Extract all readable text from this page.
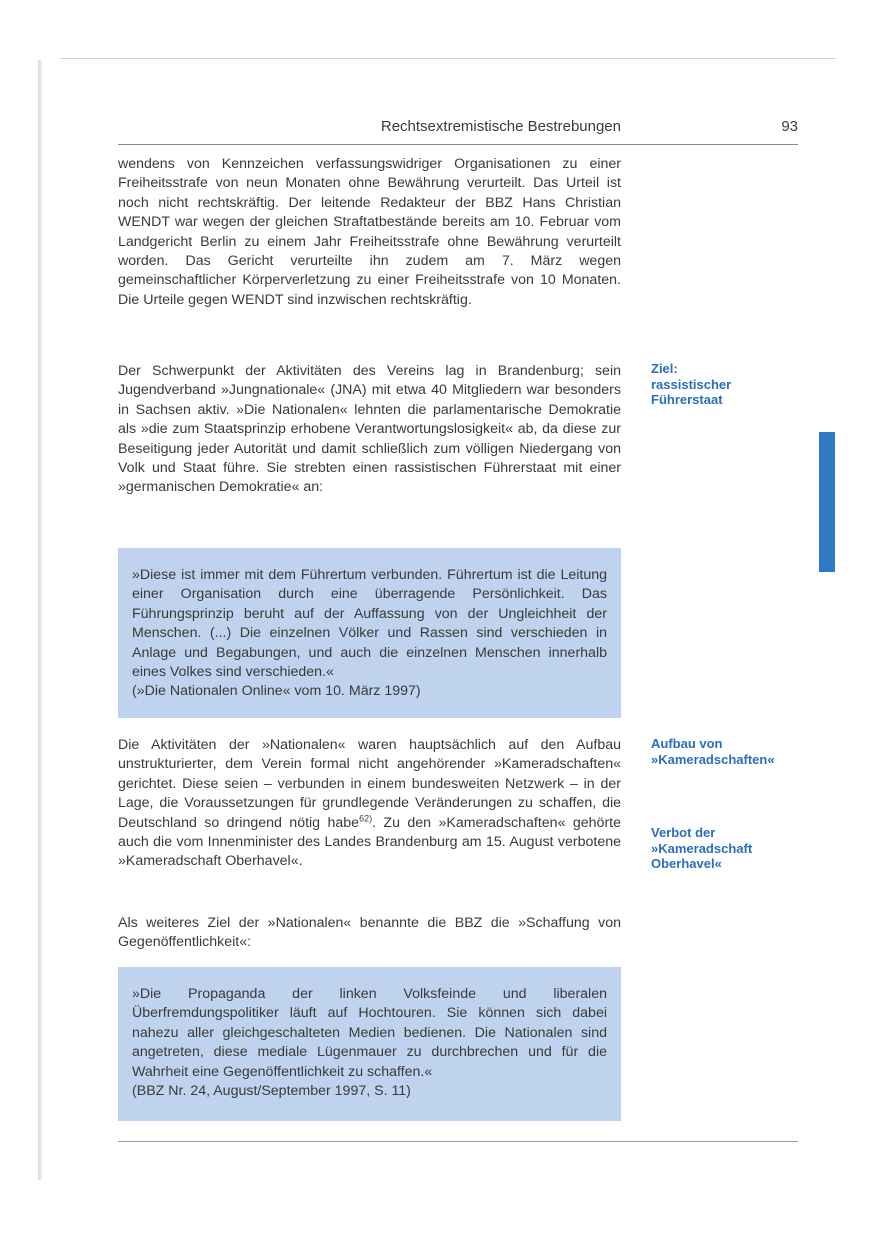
Rechtsextremistische Bestrebungen	93

wendens von Kennzeichen verfassungswidriger Organisationen zu einer Freiheitsstrafe von neun Monaten ohne Bewährung verurteilt. Das Urteil ist noch nicht rechtskräftig. Der leitende Redakteur der BBZ Hans Christian WENDT war wegen der gleichen Straftatbestände bereits am 10. Februar vom Landgericht Berlin zu einem Jahr Freiheitsstrafe ohne Bewährung verurteilt worden. Das Gericht verurteilte ihn zudem am 7. März wegen gemeinschaftlicher Körperverletzung zu einer Freiheitsstrafe von 10 Monaten. Die Urteile gegen WENDT sind inzwischen rechtskräftig.

Der Schwerpunkt der Aktivitäten des Vereins lag in Brandenburg; sein Jugendverband »Jungnationale« (JNA) mit etwa 40 Mitgliedern war besonders in Sachsen aktiv. »Die Nationalen« lehnten die parlamentarische Demokratie als »die zum Staatsprinzip erhobene Verantwortungslosigkeit« ab, da diese zur Beseitigung jeder Autorität und damit schließlich zum völligen Niedergang von Volk und Staat führe. Sie strebten einen rassistischen Führerstaat mit einer »germanischen Demokratie« an:

»Diese ist immer mit dem Führertum verbunden. Führertum ist die Leitung einer Organisation durch eine überragende Persönlichkeit. Das Führungsprinzip beruht auf der Auffassung von der Ungleichheit der Menschen. (...) Die einzelnen Völker und Rassen sind verschieden in Anlage und Begabungen, und auch die einzelnen Menschen innerhalb eines Volkes sind verschieden.«

(»Die Nationalen Online« vom 10. März 1997)

Die Aktivitäten der »Nationalen« waren hauptsächlich auf den Aufbau unstrukturierter, dem Verein formal nicht angehörender »Kameradschaften« gerichtet. Diese seien – verbunden in einem bundesweiten Netzwerk – in der Lage, die Voraussetzungen für grundlegende Veränderungen zu schaffen, die Deutschland so dringend nötig habe$^{62)}$. Zu den »Kameradschaften« gehörte auch die vom Innenminister des Landes Brandenburg am 15. August verbotene »Kameradschaft Oberhavel«.

Als weiteres Ziel der »Nationalen« benannte die BBZ die »Schaffung von Gegenöffentlichkeit«:

»Die Propaganda der linken Volksfeinde und liberalen Überfremdungspolitiker läuft auf Hochtouren. Sie können sich dabei nahezu aller gleichgeschalteten Medien bedienen. Die Nationalen sind angetreten, diese mediale Lügenmauer zu durchbrechen und für die Wahrheit eine Gegenöffentlichkeit zu schaffen.«

(BBZ Nr. 24, August/September 1997, S. 11)

Ziel:
rassistischer
Führerstaat
Aufbau von
»Kameradschaften«
Verbot der
»Kameradschaft
Oberhavel«
